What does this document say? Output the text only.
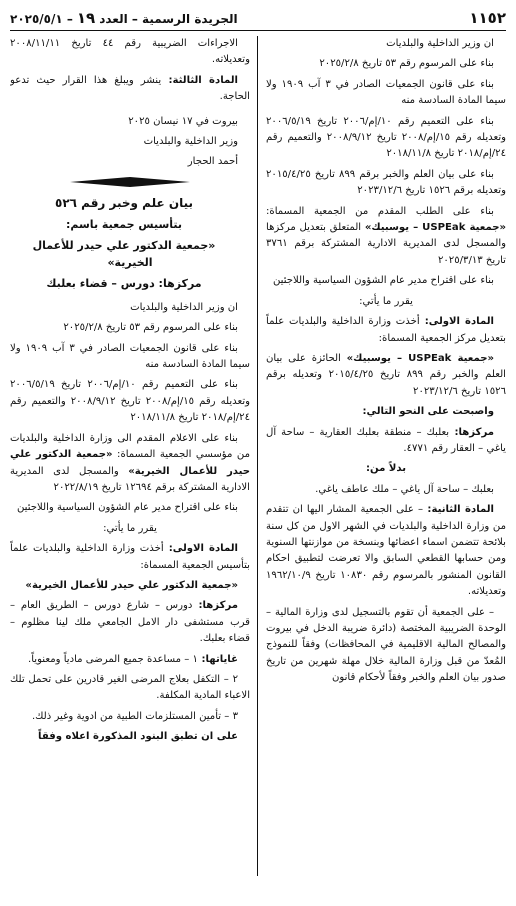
١١٥٢
الجريدة الرسمية – العدد
١٩
– ٢٠٢٥/٥/١

ان وزير الداخلية والبلديات

بناء على المرسوم رقم ٥٣ تاريخ ٢٠٢٥/٢/٨

بناء على قانون الجمعيات الصادر في ٣ آب ١٩٠٩ ولا سيما المادة السادسة منه

بناء على التعميم رقم ١٠/إم/٢٠٠٦ تاريخ ٢٠٠٦/٥/١٩ وتعديله رقم ١٥/إم/٢٠٠٨ تاريخ ٢٠٠٨/٩/١٢ والتعميم رقم ٢٤/إم/٢٠١٨ تاريخ ٢٠١٨/١١/٨

بناء على بيان العلم والخبر برقم ٨٩٩ تاريخ ٢٠١٥/٤/٢٥ وتعديله برقم ١٥٢٦ تاريخ ٢٠٢٣/١٢/٦

بناء على الطلب المقدم من الجمعية المسماة: «جمعية USPEak – يوسبيك» المتعلق بتعديل مركزها والمسجل لدى المديرية الادارية المشتركة برقم ٣٧٦١ تاريخ ٢٠٢٥/٣/١٣

بناء على اقتراح مدير عام الشؤون السياسية واللاجئين

يقرر ما يأتي:

المادة الاولى: أخذت وزارة الداخلية والبلديات علماً بتعديل مركز الجمعية المسماة:

«جمعية USPEak – يوسبيك» الحائزة على بيان العلم والخبر رقم ٨٩٩ تاريخ ٢٠١٥/٤/٢٥ وتعديله برقم ١٥٢٦ تاريخ ٢٠٢٣/١٢/٦

واصبحت على النحو التالي:

مركزها: بعلبك – منطقة بعلبك العقارية – ساحة آل ياغي – العقار رقم ٤٧٧١.

بدلاً من:

بعلبك – ساحة آل ياغي – ملك عاطف ياغي.

المادة الثانية: – على الجمعية المشار اليها ان تتقدم من وزارة الداخلية والبلديات في الشهر الاول من كل سنة بلائحة تتضمن اسماء اعضائها وبنسخة من موازنتها السنوية ومن حسابها القطعي السابق والا تعرضت لتطبيق احكام القانون المنشور بالمرسوم رقم ١٠٨٣٠ تاريخ ١٩٦٢/١٠/٩ وتعديلاته.

– على الجمعية أن تقوم بالتسجيل لدى وزارة المالية – الوحدة الضريبية المختصة (دائرة ضريبة الدخل في بيروت والمصالح المالية الاقليمية في المحافظات) وفقاً للنموذج المُعدّ من قبل وزارة المالية خلال مهلة شهرين من تاريخ صدور بيان العلم والخبر وفقاً لأحكام قانون

الاجراءات الضريبية رقم ٤٤ تاريخ ٢٠٠٨/١١/١١ وتعديلاته.

المادة الثالثة: ينشر ويبلغ هذا القرار حيث تدعو الحاجة.

بيروت في ١٧ نيسان ٢٠٢٥

وزير الداخلية والبلديات

أحمد الحجار

بيان علم وخبر رقم ٥٢٦

بتأسيس جمعية باسم:

«جمعية الدكتور علي حيدر للأعمال الخيرية»

مركزها: دورس – قضاء بعلبك

ان وزير الداخلية والبلديات

بناء على المرسوم رقم ٥٣ تاريخ ٢٠٢٥/٢/٨

بناء على قانون الجمعيات الصادر في ٣ آب ١٩٠٩ ولا سيما المادة السادسة منه

بناء على التعميم رقم ١٠/إم/٢٠٠٦ تاريخ ٢٠٠٦/٥/١٩ وتعديله رقم ١٥/إم/٢٠٠٨ تاريخ ٢٠٠٨/٩/١٢ والتعميم رقم ٢٤/إم/٢٠١٨ تاريخ ٢٠١٨/١١/٨

بناء على الاعلام المقدم الى وزارة الداخلية والبلديات من مؤسسي الجمعية المسماة: «جمعية الدكتور علي حيدر للأعمال الخيرية» والمسجل لدى المديرية الادارية المشتركة برقم ١٢٦٩٤ تاريخ ٢٠٢٢/٨/١٩

بناء على اقتراح مدير عام الشؤون السياسية واللاجئين

يقرر ما يأتي:

المادة الاولى: أخذت وزارة الداخلية والبلديات علماً بتأسيس الجمعية المسماة:

«جمعية الدكتور علي حيدر للأعمال الخيرية»

مركزها: دورس – شارع دورس – الطريق العام – قرب مستشفى دار الامل الجامعي ملك لينا مظلوم – قضاء بعلبك.

غاياتها: ١ – مساعدة جميع المرضى مادياً ومعنوياً.

٢ – التكفل بعلاج المرضى الغير قادرين على تحمل تلك الاعباء المادية المكلفة.

٣ – تأمين المستلزمات الطبية من ادوية وغير ذلك.

على ان تطبق البنود المذكورة اعلاه وفقاً
